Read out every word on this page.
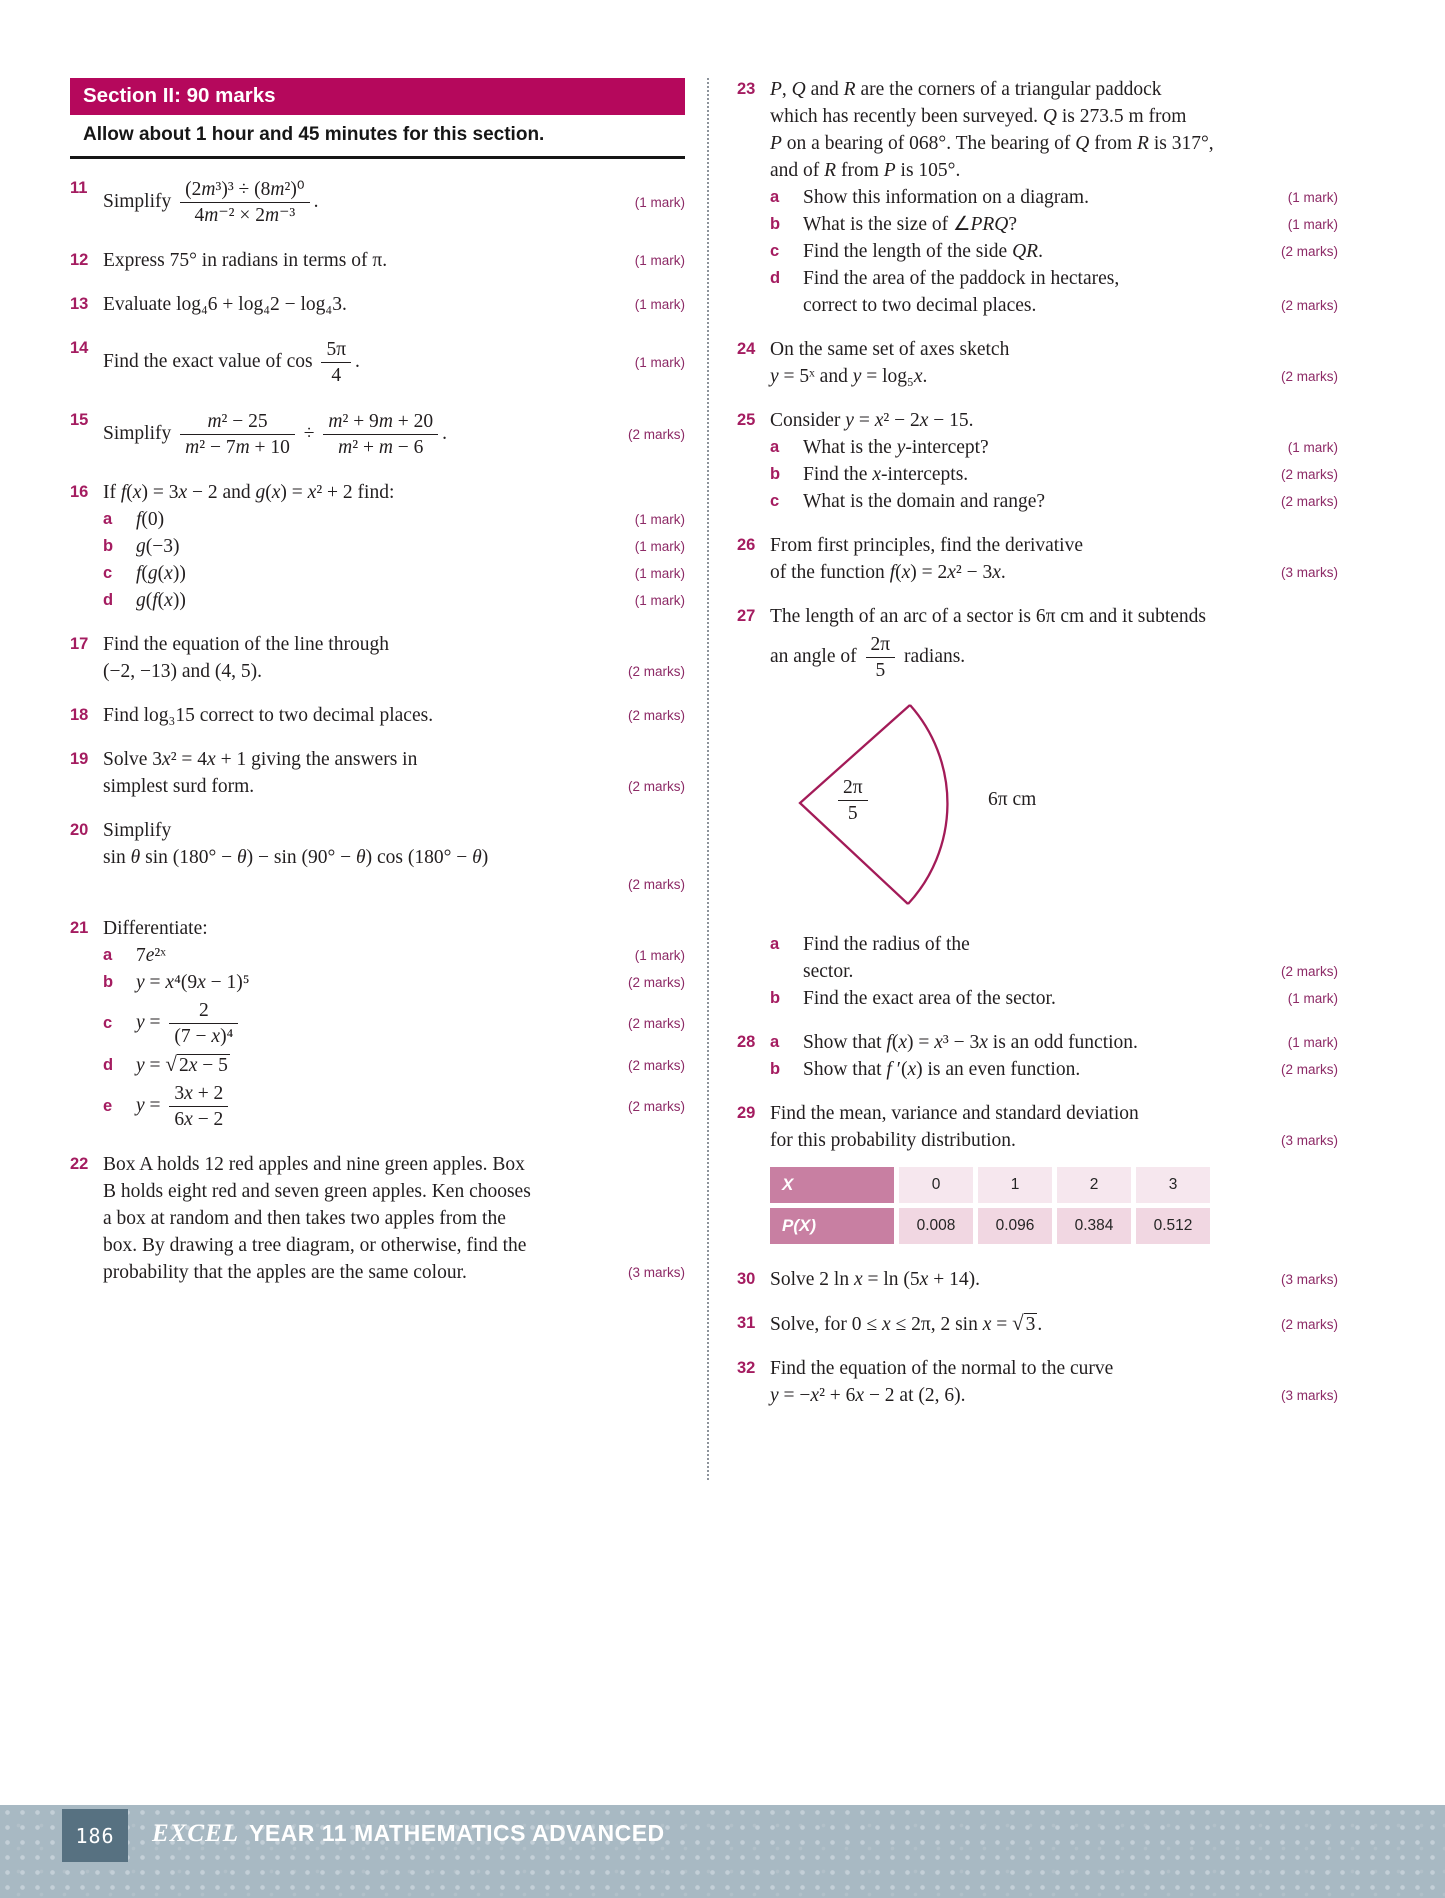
Section II: 90 marks
Allow about 1 hour and 45 minutes for this section.
11
Simplify $\frac{\text{(2m³)³ ÷ (8m²)⁰}}{\text{4m⁻² × 2m⁻³}}$ .	(1 mark)
12 Express 75° in radians in terms of π.	(1 mark)
13 Evaluate log₄6 + log₄2 − log₄3.	(1 mark)
14
Find the exact value of $\cos \frac{5\pi}{4}$ .	(1 mark)
15
Simplify $\frac{\text{m² − 25}}{\text{m² − 7m + 10}} \div \frac{\text{m² + 9m + 20}}{\text{m² + m − 6}}$ .	(2 marks)
16 If f(x) = 3x − 2 and g(x) = x² + 2 find:
a	f(0)	(1 mark)
b	g(−3)	(1 mark)
c	f(g(x))	(1 mark)
d	g(f(x))	(1 mark)
17 Find the equation of the line through
(−2, −13) and (4, 5).	(2 marks)
18 Find log₃15 correct to two decimal places.	(2 marks)
19 Solve 3x² = 4x + 1 giving the answers in
simplest surd form.	(2 marks)
20 Simplify
sin θ sin (180° − θ) − sin (90° − θ) cos (180° − θ)
(2 marks)
21 Differentiate:
a	7e²ˣ	(1 mark)
b	y = x⁴(9x − 1)⁵	(2 marks)
c	$y = \frac{2}{\text{(7 − x)⁴}}$	(2 marks)
d	y = √ 2x − 5	(2 marks)
e	$y = \frac{3x + 2}{6x - 2}$	(2 marks)
22 Box A holds 12 red apples and nine green apples. Box
B holds eight red and seven green apples. Ken chooses
a box at random and then takes two apples from the
box. By drawing a tree diagram, or otherwise, find the
probability that the apples are the same colour.	(3 marks)
23 P, Q and R are the corners of a triangular paddock
which has recently been surveyed. Q is 273.5 m from
P on a bearing of 068°. The bearing of Q from R is 317°,
and of R from P is 105°.
a	Show this information on a diagram.	(1 mark)
b	What is the size of ∠PRQ?	(1 mark)
c	Find the length of the side QR.	(2 marks)
d	Find the area of the paddock in hectares,
correct to two decimal places.	(2 marks)
24 On the same set of axes sketch
y = 5ˣ and y = log₅x.	(2 marks)
25 Consider y = x² − 2x − 15.
a	What is the y-intercept?	(1 mark)
b	Find the x-intercepts.	(2 marks)
c	What is the domain and range?	(2 marks)
26 From first principles, find the derivative
of the function f(x) = 2x² − 3x.	(3 marks)
27 The length of an arc of a sector is 6π cm and it subtends
an angle of $\frac{2\pi}{5}$ radians.
$\frac{2\pi}{5}$	6π cm
a	Find the radius of the
sector.	(2 marks)
b	Find the exact area of the sector.	(1 mark)
28 a	Show that f(x) = x³ − 3x is an odd function.	(1 mark)
b	Show that f ′(x) is an even function.	(2 marks)
29 Find the mean, variance and standard deviation
for this probability distribution.	(3 marks)
X	0	1	2	3
P(X)	0.008	0.096	0.384	0.512
30 Solve 2 ln x = ln (5x + 14).	(3 marks)
31 Solve, for 0 ≤ x ≤ 2π, 2 sin x = √ 3 .	(2 marks)
32 Find the equation of the normal to the curve
y = −x² + 6x − 2 at (2, 6).	(3 marks)
186 EXCEL YEAR 11 MATHEMATICS ADVANCED
